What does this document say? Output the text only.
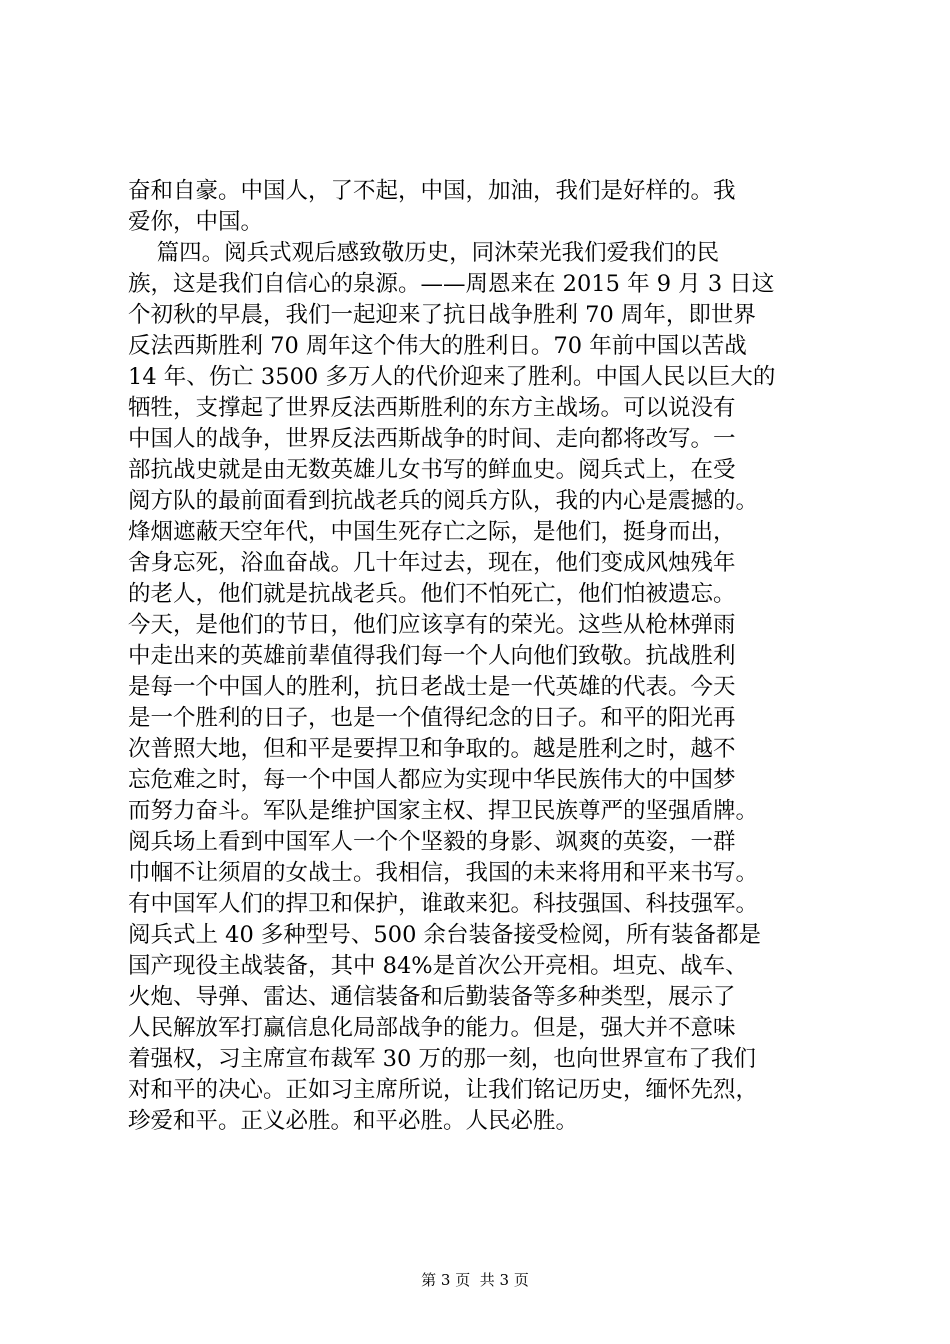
奋和自豪。中国人，了不起，中国，加油，我们是好样的。我
爱你，中国。
篇四。阅兵式观后感致敬历史，同沐荣光我们爱我们的民
族，这是我们自信心的泉源。——周恩来在 2015 年 9 月 3 日这
个初秋的早晨，我们一起迎来了抗日战争胜利 70 周年，即世界
反法西斯胜利 70 周年这个伟大的胜利日。70 年前中国以苦战
14 年、伤亡 3500 多万人的代价迎来了胜利。中国人民以巨大的
牺牲，支撑起了世界反法西斯胜利的东方主战场。可以说没有
中国人的战争，世界反法西斯战争的时间、走向都将改写。一
部抗战史就是由无数英雄儿女书写的鲜血史。阅兵式上，在受
阅方队的最前面看到抗战老兵的阅兵方队，我的内心是震撼的。
烽烟遮蔽天空年代，中国生死存亡之际，是他们，挺身而出，
舍身忘死，浴血奋战。几十年过去，现在，他们变成风烛残年
的老人，他们就是抗战老兵。他们不怕死亡，他们怕被遗忘。
今天，是他们的节日，他们应该享有的荣光。这些从枪林弹雨
中走出来的英雄前辈值得我们每一个人向他们致敬。抗战胜利
是每一个中国人的胜利，抗日老战士是一代英雄的代表。今天
是一个胜利的日子，也是一个值得纪念的日子。和平的阳光再
次普照大地，但和平是要捍卫和争取的。越是胜利之时，越不
忘危难之时，每一个中国人都应为实现中华民族伟大的中国梦
而努力奋斗。军队是维护国家主权、捍卫民族尊严的坚强盾牌。
阅兵场上看到中国军人一个个坚毅的身影、飒爽的英姿，一群
巾帼不让须眉的女战士。我相信，我国的未来将用和平来书写。
有中国军人们的捍卫和保护，谁敢来犯。科技强国、科技强军。
阅兵式上 40 多种型号、500 余台装备接受检阅，所有装备都是
国产现役主战装备，其中 84%是首次公开亮相。坦克、战车、
火炮、导弹、雷达、通信装备和后勤装备等多种类型，展示了
人民解放军打赢信息化局部战争的能力。但是，强大并不意味
着强权，习主席宣布裁军 30 万的那一刻，也向世界宣布了我们
对和平的决心。正如习主席所说，让我们铭记历史，缅怀先烈，
珍爱和平。正义必胜。和平必胜。人民必胜。
第 3 页  共 3 页
